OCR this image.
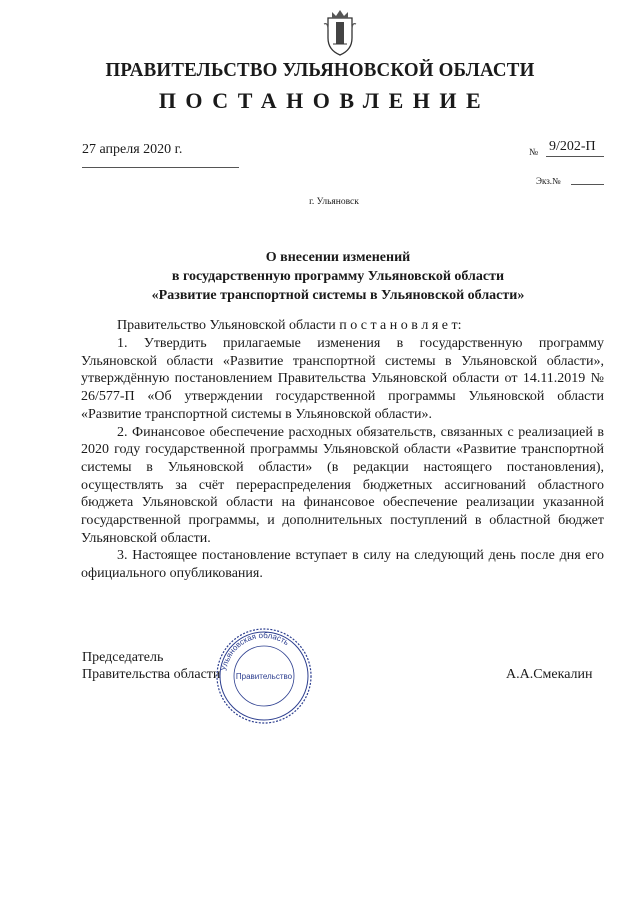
ПРАВИТЕЛЬСТВО УЛЬЯНОВСКОЙ ОБЛАСТИ
ПОСТАНОВЛЕНИЕ
27 апреля 2020 г.	№ 9/202-П
Экз.№
г. Ульяновск
О внесении изменений
в государственную программу Ульяновской области
«Развитие транспортной системы в Ульяновской области»
Правительство Ульяновской области п о с т а н о в л я е т:

1. Утвердить прилагаемые изменения в государственную программу Ульяновской области «Развитие транспортной системы в Ульяновской области», утверждённую постановлением Правительства Ульяновской области от 14.11.2019 № 26/577-П «Об утверждении государственной программы Ульяновской области «Развитие транспортной системы в Ульяновской области».

2. Финансовое обеспечение расходных обязательств, связанных с реализацией в 2020 году государственной программы Ульяновской области «Развитие транспортной системы в Ульяновской области» (в редакции настоящего постановления), осуществлять за счёт перераспределения бюджетных ассигнований областного бюджета Ульяновской области на финансовое обеспечение реализации указанной государственной программы, и дополнительных поступлений в областной бюджет Ульяновской области.

3. Настоящее постановление вступает в силу на следующий день после дня его официального опубликования.

Председатель
Правительства области	А.А.Смекалин
Ульяновская область
Правительство
